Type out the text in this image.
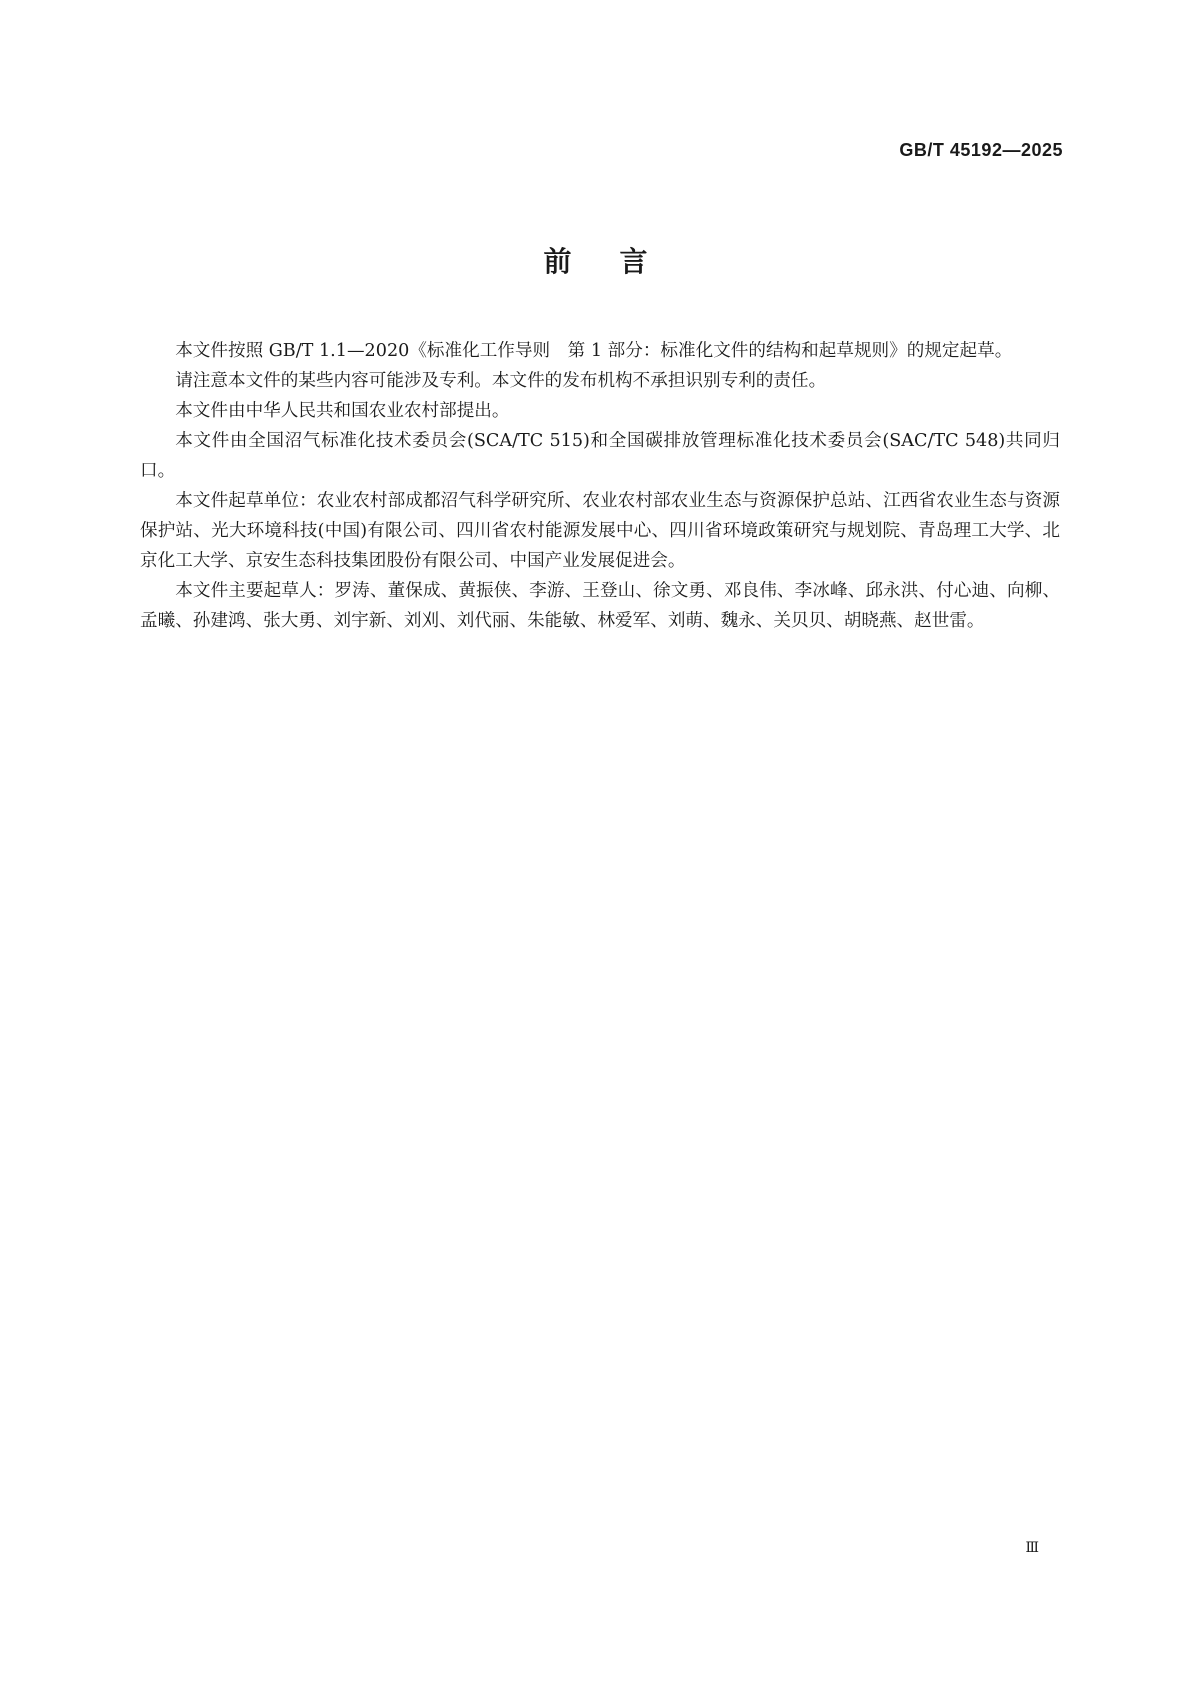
GB/T 45192—2025
前言

本文件按照 GB/T 1.1—2020《标准化工作导则　第 1 部分：标准化文件的结构和起草规则》的规定起草。

请注意本文件的某些内容可能涉及专利。本文件的发布机构不承担识别专利的责任。

本文件由中华人民共和国农业农村部提出。

本文件由全国沼气标准化技术委员会(SCA/TC 515)和全国碳排放管理标准化技术委员会(SAC/TC 548)共同归口。

本文件起草单位：农业农村部成都沼气科学研究所、农业农村部农业生态与资源保护总站、江西省农业生态与资源保护站、光大环境科技(中国)有限公司、四川省农村能源发展中心、四川省环境政策研究与规划院、青岛理工大学、北京化工大学、京安生态科技集团股份有限公司、中国产业发展促进会。

本文件主要起草人：罗涛、董保成、黄振侠、李游、王登山、徐文勇、邓良伟、李冰峰、邱永洪、付心迪、向柳、孟曦、孙建鸿、张大勇、刘宇新、刘刈、刘代丽、朱能敏、林爱军、刘萌、魏永、关贝贝、胡晓燕、赵世雷。

Ⅲ
